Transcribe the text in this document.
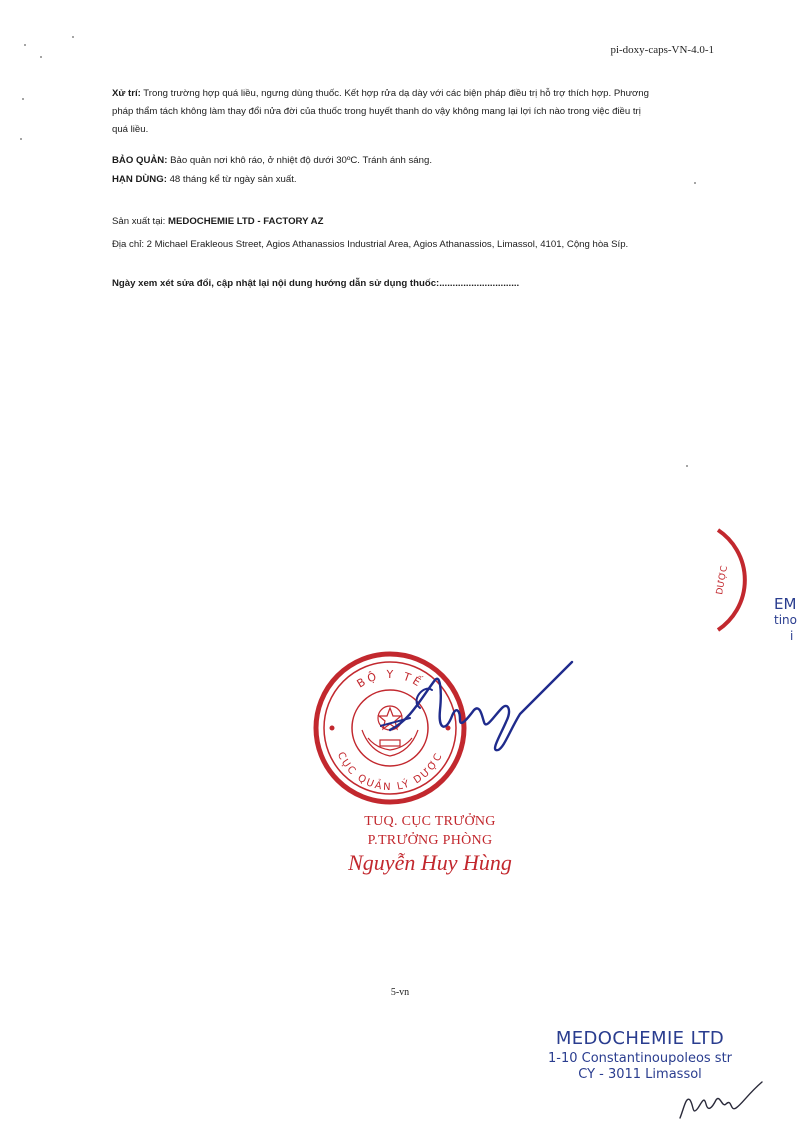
pi-doxy-caps-VN-4.0-1
Xử trí: Trong trường hợp quá liều, ngưng dùng thuốc. Kết hợp rửa dạ dày với các biện pháp điều trị hỗ trợ thích hợp. Phương
pháp thẩm tách không làm thay đổi nửa đời của thuốc trong huyết thanh do vậy không mang lại lợi ích nào trong việc điều trị
quá liều.
BẢO QUẢN: Bảo quản nơi khô ráo, ở nhiệt độ dưới 30ºC. Tránh ánh sáng.
HẠN DÙNG: 48 tháng kể từ ngày sản xuất.
Sản xuất tại: MEDOCHEMIE LTD - FACTORY AZ
Địa chỉ: 2 Michael Erakleous Street, Agios Athanassios Industrial Area, Agios Athanassios, Limassol, 4101, Cộng hòa Síp.
Ngày xem xét sửa đổi, cập nhật lại nội dung hướng dẫn sử dụng thuốc:..............................
DƯỢC
EM
tino
i
BỘ Y TẾ
CỤC QUẢN LÝ DƯỢC
TUQ. CỤC TRƯỞNG
P.TRƯỞNG PHÒNG
Nguyễn Huy Hùng
5-vn
MEDOCHEMIE LTD
1-10 Constantinoupoleos str
CY - 3011 Limassol
